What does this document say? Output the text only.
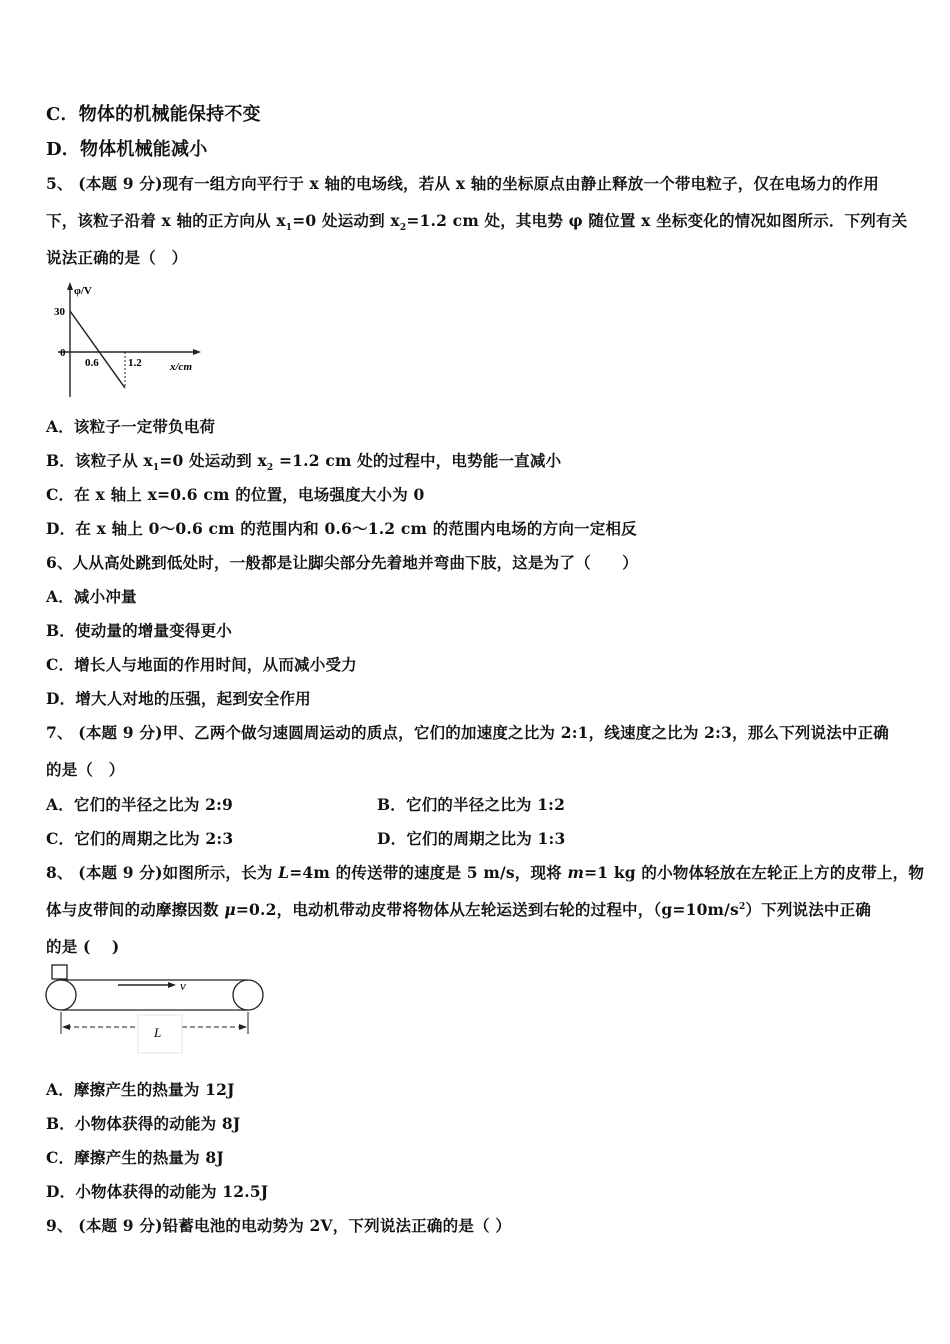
C．物体的机械能保持不变
D．物体机械能减小
5、 (本题 9 分)现有一组方向平行于 x 轴的电场线，若从 x 轴的坐标原点由静止释放一个带电粒子，仅在电场力的作用
下，该粒子沿着 x 轴的正方向从 $x_1=0$ 处运动到 $x_2=1.2$ cm 处，其电势 φ 随位置 x 坐标变化的情况如图所示．下列有关
说法正确的是（　）
φ/V
30
0
0.6	1.2	x/cm
A．该粒子一定带负电荷
B．该粒子从 $x_1=0$ 处运动到 $x_2 =1.2$ cm 处的过程中，电势能一直减小
C．在 x 轴上 x=0.6 cm 的位置，电场强度大小为 0
D．在 x 轴上 0～0.6 cm 的范围内和 0.6～1.2 cm 的范围内电场的方向一定相反
6、人从高处跳到低处时，一般都是让脚尖部分先着地并弯曲下肢，这是为了（　　）
A．减小冲量
B．使动量的增量变得更小
C．增长人与地面的作用时间，从而减小受力
D．增大人对地的压强，起到安全作用
7、 (本题 9 分)甲、乙两个做匀速圆周运动的质点，它们的加速度之比为 2:1，线速度之比为 2:3，那么下列说法中正确
的是（　）
A．它们的半径之比为 2:9	B．它们的半径之比为 1:2
C．它们的周期之比为 2:3	D．它们的周期之比为 1:3
8、 (本题 9 分)如图所示，长为 L=4m 的传送带的速度是 5 m/s，现将 m=1 kg 的小物体轻放在左轮正上方的皮带上，物
体与皮带间的动摩擦因数 μ=0.2，电动机带动皮带将物体从左轮运送到右轮的过程中，$(g=10m/s^2)$下列说法中正确
的是 (　 )
v
L
A．摩擦产生的热量为 12J
B．小物体获得的动能为 8J
C．摩擦产生的热量为 8J
D．小物体获得的动能为 12.5J
9、 (本题 9 分)铅蓄电池的电动势为 2V，下列说法正确的是（ ）
